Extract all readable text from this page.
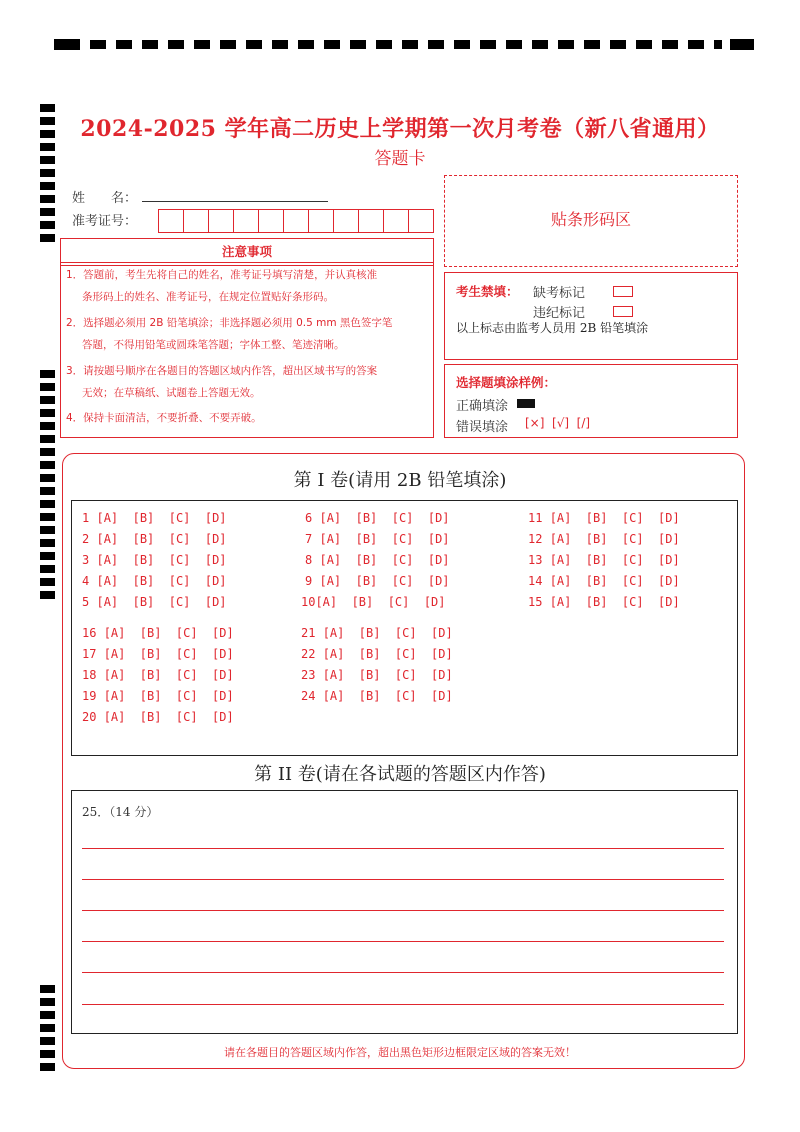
2024-2025 学年高二历史上学期第一次月考卷（新八省通用）
答题卡
姓　　名：
准考证号：	贴条形码区
注意事项
1．答题前，考生先将自己的姓名，准考证号填写清楚，并认真核准
条形码上的姓名、准考证号，在规定位置贴好条形码。
2．选择题必须用 2B 铅笔填涂；非选择题必须用 0.5 mm 黑色签字笔
答题，不得用铅笔或圆珠笔答题；字体工整、笔迹清晰。
3．请按题号顺序在各题目的答题区域内作答，超出区域书写的答案
无效；在草稿纸、试题卷上答题无效。
4．保持卡面清洁，不要折叠、不要弄破。
考生禁填： 缺考标记
违纪标记
以上标志由监考人员用 2B 铅笔填涂
选择题填涂样例：
正确填涂
错误填涂 [×]  [√]  [/]
第 I 卷(请用 2B 铅笔填涂)
1 [A]  [B]  [C]  [D]
2 [A]  [B]  [C]  [D]
3 [A]  [B]  [C]  [D]
4 [A]  [B]  [C]  [D]
5 [A]  [B]  [C]  [D]
6 [A]  [B]  [C]  [D]
7 [A]  [B]  [C]  [D]
8 [A]  [B]  [C]  [D]
9 [A]  [B]  [C]  [D]
10[A]  [B]  [C]  [D]
11 [A]  [B]  [C]  [D]
12 [A]  [B]  [C]  [D]
13 [A]  [B]  [C]  [D]
14 [A]  [B]  [C]  [D]
15 [A]  [B]  [C]  [D]
16 [A]  [B]  [C]  [D]
17 [A]  [B]  [C]  [D]
18 [A]  [B]  [C]  [D]
19 [A]  [B]  [C]  [D]
20 [A]  [B]  [C]  [D]
21 [A]  [B]  [C]  [D]
22 [A]  [B]  [C]  [D]
23 [A]  [B]  [C]  [D]
24 [A]  [B]  [C]  [D]
第 II 卷(请在各试题的答题区内作答)
25．（14 分）
请在各题目的答题区域内作答，超出黑色矩形边框限定区域的答案无效！
